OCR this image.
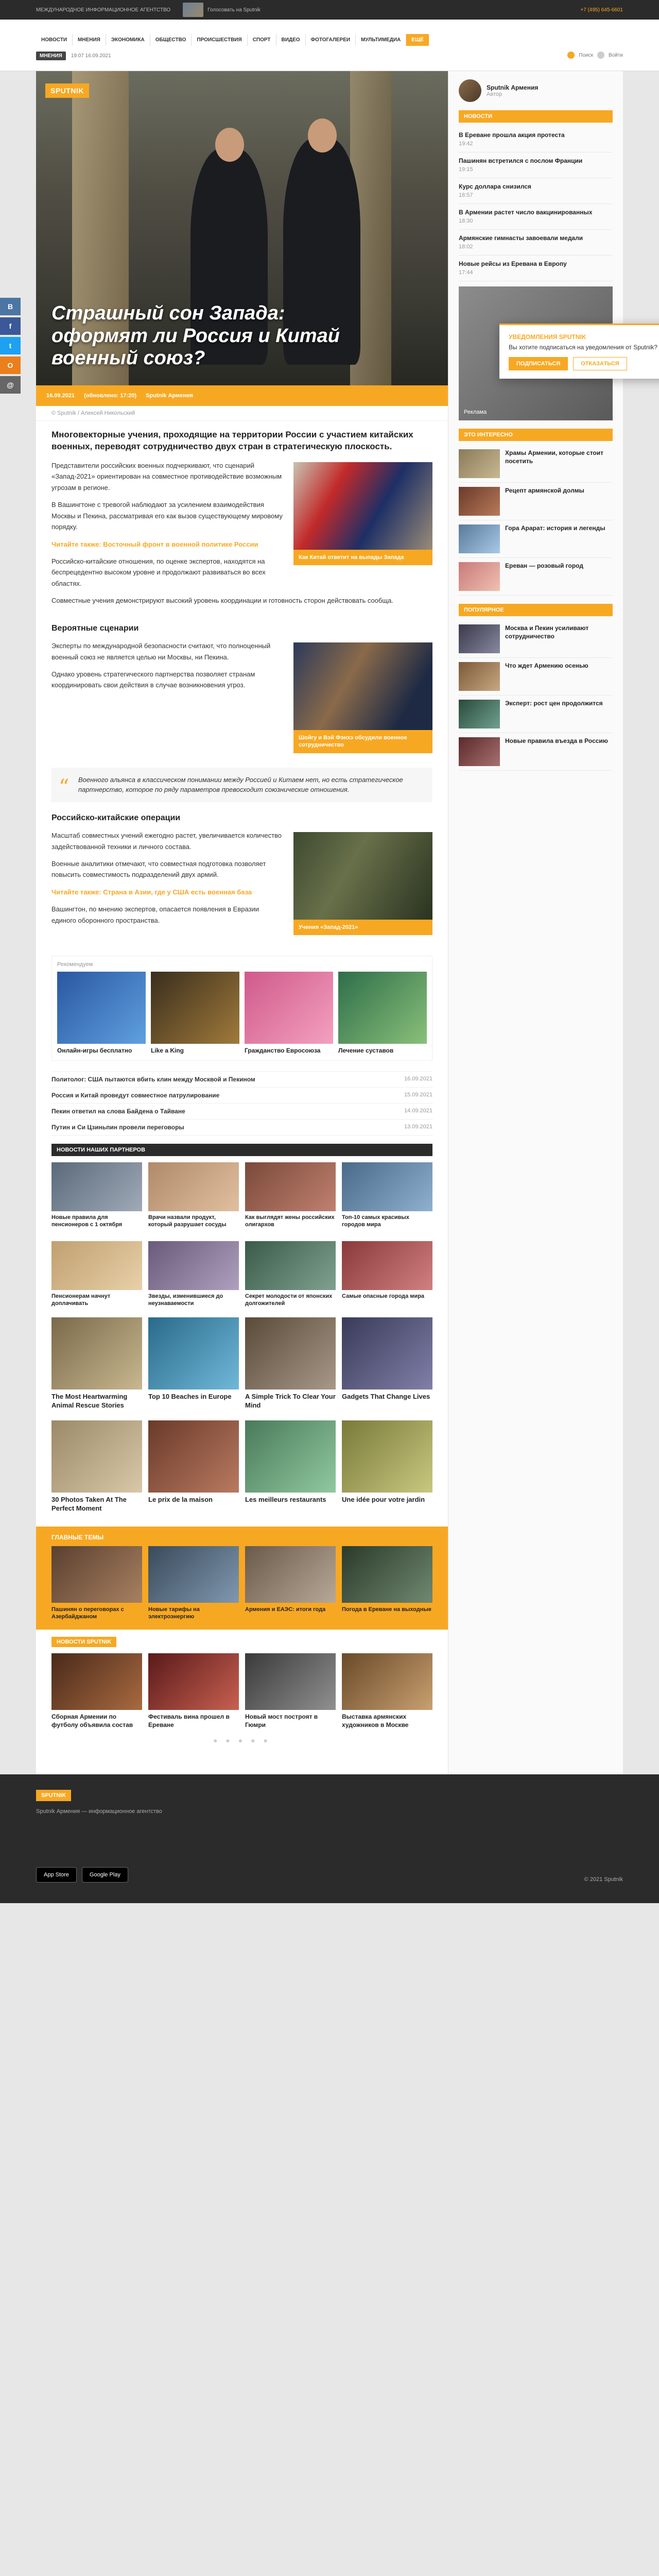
МЕЖДУНАРОДНОЕ ИНФОРМАЦИОННОЕ АГЕНТСТВО	Голосовать на Sputnik	+7 (495) 645-6601
НОВОСТИ	МНЕНИЯ	ЭКОНОМИКА	ОБЩЕСТВО	ПРОИСШЕСТВИЯ	СПОРТ	ВИДЕО	ФОТОГАЛЕРЕИ	МУЛЬТИМЕДИА	ЕЩЁ
МНЕНИЯ	19:07 16.09.2021	Поиск	Войти
В
f
t
O
@
SPUTNIK
Страшный сон Запада: оформят ли Россия и Китай военный союз?
16.09.2021 (обновлено: 17:20) Sputnik Армения
© Sputnik / Алексей Никольский

Многовекторные учения, проходящие на территории России с участием китайских военных, переводят сотрудничество двух стран в стратегическую плоскость.

Как Китай ответит на выпады Запада

Представители российских военных подчеркивают, что сценарий «Запад-2021» ориентирован на совместное противодействие возможным угрозам в регионе.

В Вашингтоне с тревогой наблюдают за усилением взаимодействия Москвы и Пекина, рассматривая его как вызов существующему мировому порядку.

Читайте также: Восточный фронт в военной политике России

Российско-китайские отношения, по оценке экспертов, находятся на беспрецедентно высоком уровне и продолжают развиваться во всех областях.

Совместные учения демонстрируют высокий уровень координации и готовность сторон действовать сообща.

Вероятные сценарии
Шойгу и Вэй Фэнхэ обсудили военное сотрудничество

Эксперты по международной безопасности считают, что полноценный военный союз не является целью ни Москвы, ни Пекина.

Однако уровень стратегического партнерства позволяет странам координировать свои действия в случае возникновения угроз.

“ Военного альянса в классическом понимании между Россией и Китаем нет, но есть стратегическое партнерство, которое по ряду параметров превосходит союзнические отношения.
Российско-китайские операции
Учения «Запад-2021»

Масштаб совместных учений ежегодно растет, увеличивается количество задействованной техники и личного состава.

Военные аналитики отмечают, что совместная подготовка позволяет повысить совместимость подразделений двух армий.

Читайте также: Страна в Азии, где у США есть военная база

Вашингтон, по мнению экспертов, опасается появления в Евразии единого оборонного пространства.

Рекомендуем
Онлайн-игры бесплатно	Like a King	Гражданство Евросоюза	Лечение суставов
Политолог: США пытаются вбить клин между Москвой и Пекином	16.09.2021
Россия и Китай проведут совместное патрулирование	15.09.2021
Пекин ответил на слова Байдена о Тайване	14.09.2021
Путин и Си Цзиньпин провели переговоры	13.09.2021
НОВОСТИ НАШИХ ПАРТНЕРОВ
Новые правила для пенсионеров с 1 октября
Врачи назвали продукт, который разрушает сосуды
Как выглядят жены российских олигархов
Топ-10 самых красивых городов мира
Пенсионерам начнут доплачивать
Звезды, изменившиеся до неузнаваемости
Секрет молодости от японских долгожителей
Самые опасные города мира
The Most Heartwarming Animal Rescue Stories
Top 10 Beaches in Europe	A Simple Trick To Clear Your Mind
Gadgets That Change Lives
30 Photos Taken At The Perfect Moment
Le prix de la maison	Les meilleurs restaurants	Une idée pour votre jardin
ГЛАВНЫЕ ТЕМЫ
Пашинян о переговорах с Азербайджаном
Новые тарифы на электроэнергию
Армения и ЕАЭС: итоги года	Погода в Ереване на выходные
НОВОСТИ SPUTNIK
Сборная Армении по футболу объявила состав
Фестиваль вина прошел в Ереване
Новый мост построят в Гюмри
Выставка армянских художников в Москве
● ● ● ● ●
Sputnik Армения
Автор
НОВОСТИ
В Ереване прошла акция протеста
19:42
Пашинян встретился с послом Франции
19:15
Курс доллара снизился
18:57
В Армении растет число вакцинированных
18:30
Армянские гимнасты завоевали медали
18:02
Новые рейсы из Еревана в Европу
17:44
Реклама
ЭТО ИНТЕРЕСНО
Храмы Армении, которые стоит посетить
Рецепт армянской долмы
Гора Арарат: история и легенды
Ереван — розовый город
ПОПУЛЯРНОЕ
Москва и Пекин усиливают сотрудничество
Что ждет Армению осенью
Эксперт: рост цен продолжится
Новые правила въезда в Россию
УВЕДОМЛЕНИЯ SPUTNIK
Вы хотите подписаться на уведомления от Sputnik?
ПОДПИСАТЬСЯ	ОТКАЗАТЬСЯ
SPUTNIK

Sputnik Армения — информационное агентство

App Store	Google Play
© 2021 Sputnik
